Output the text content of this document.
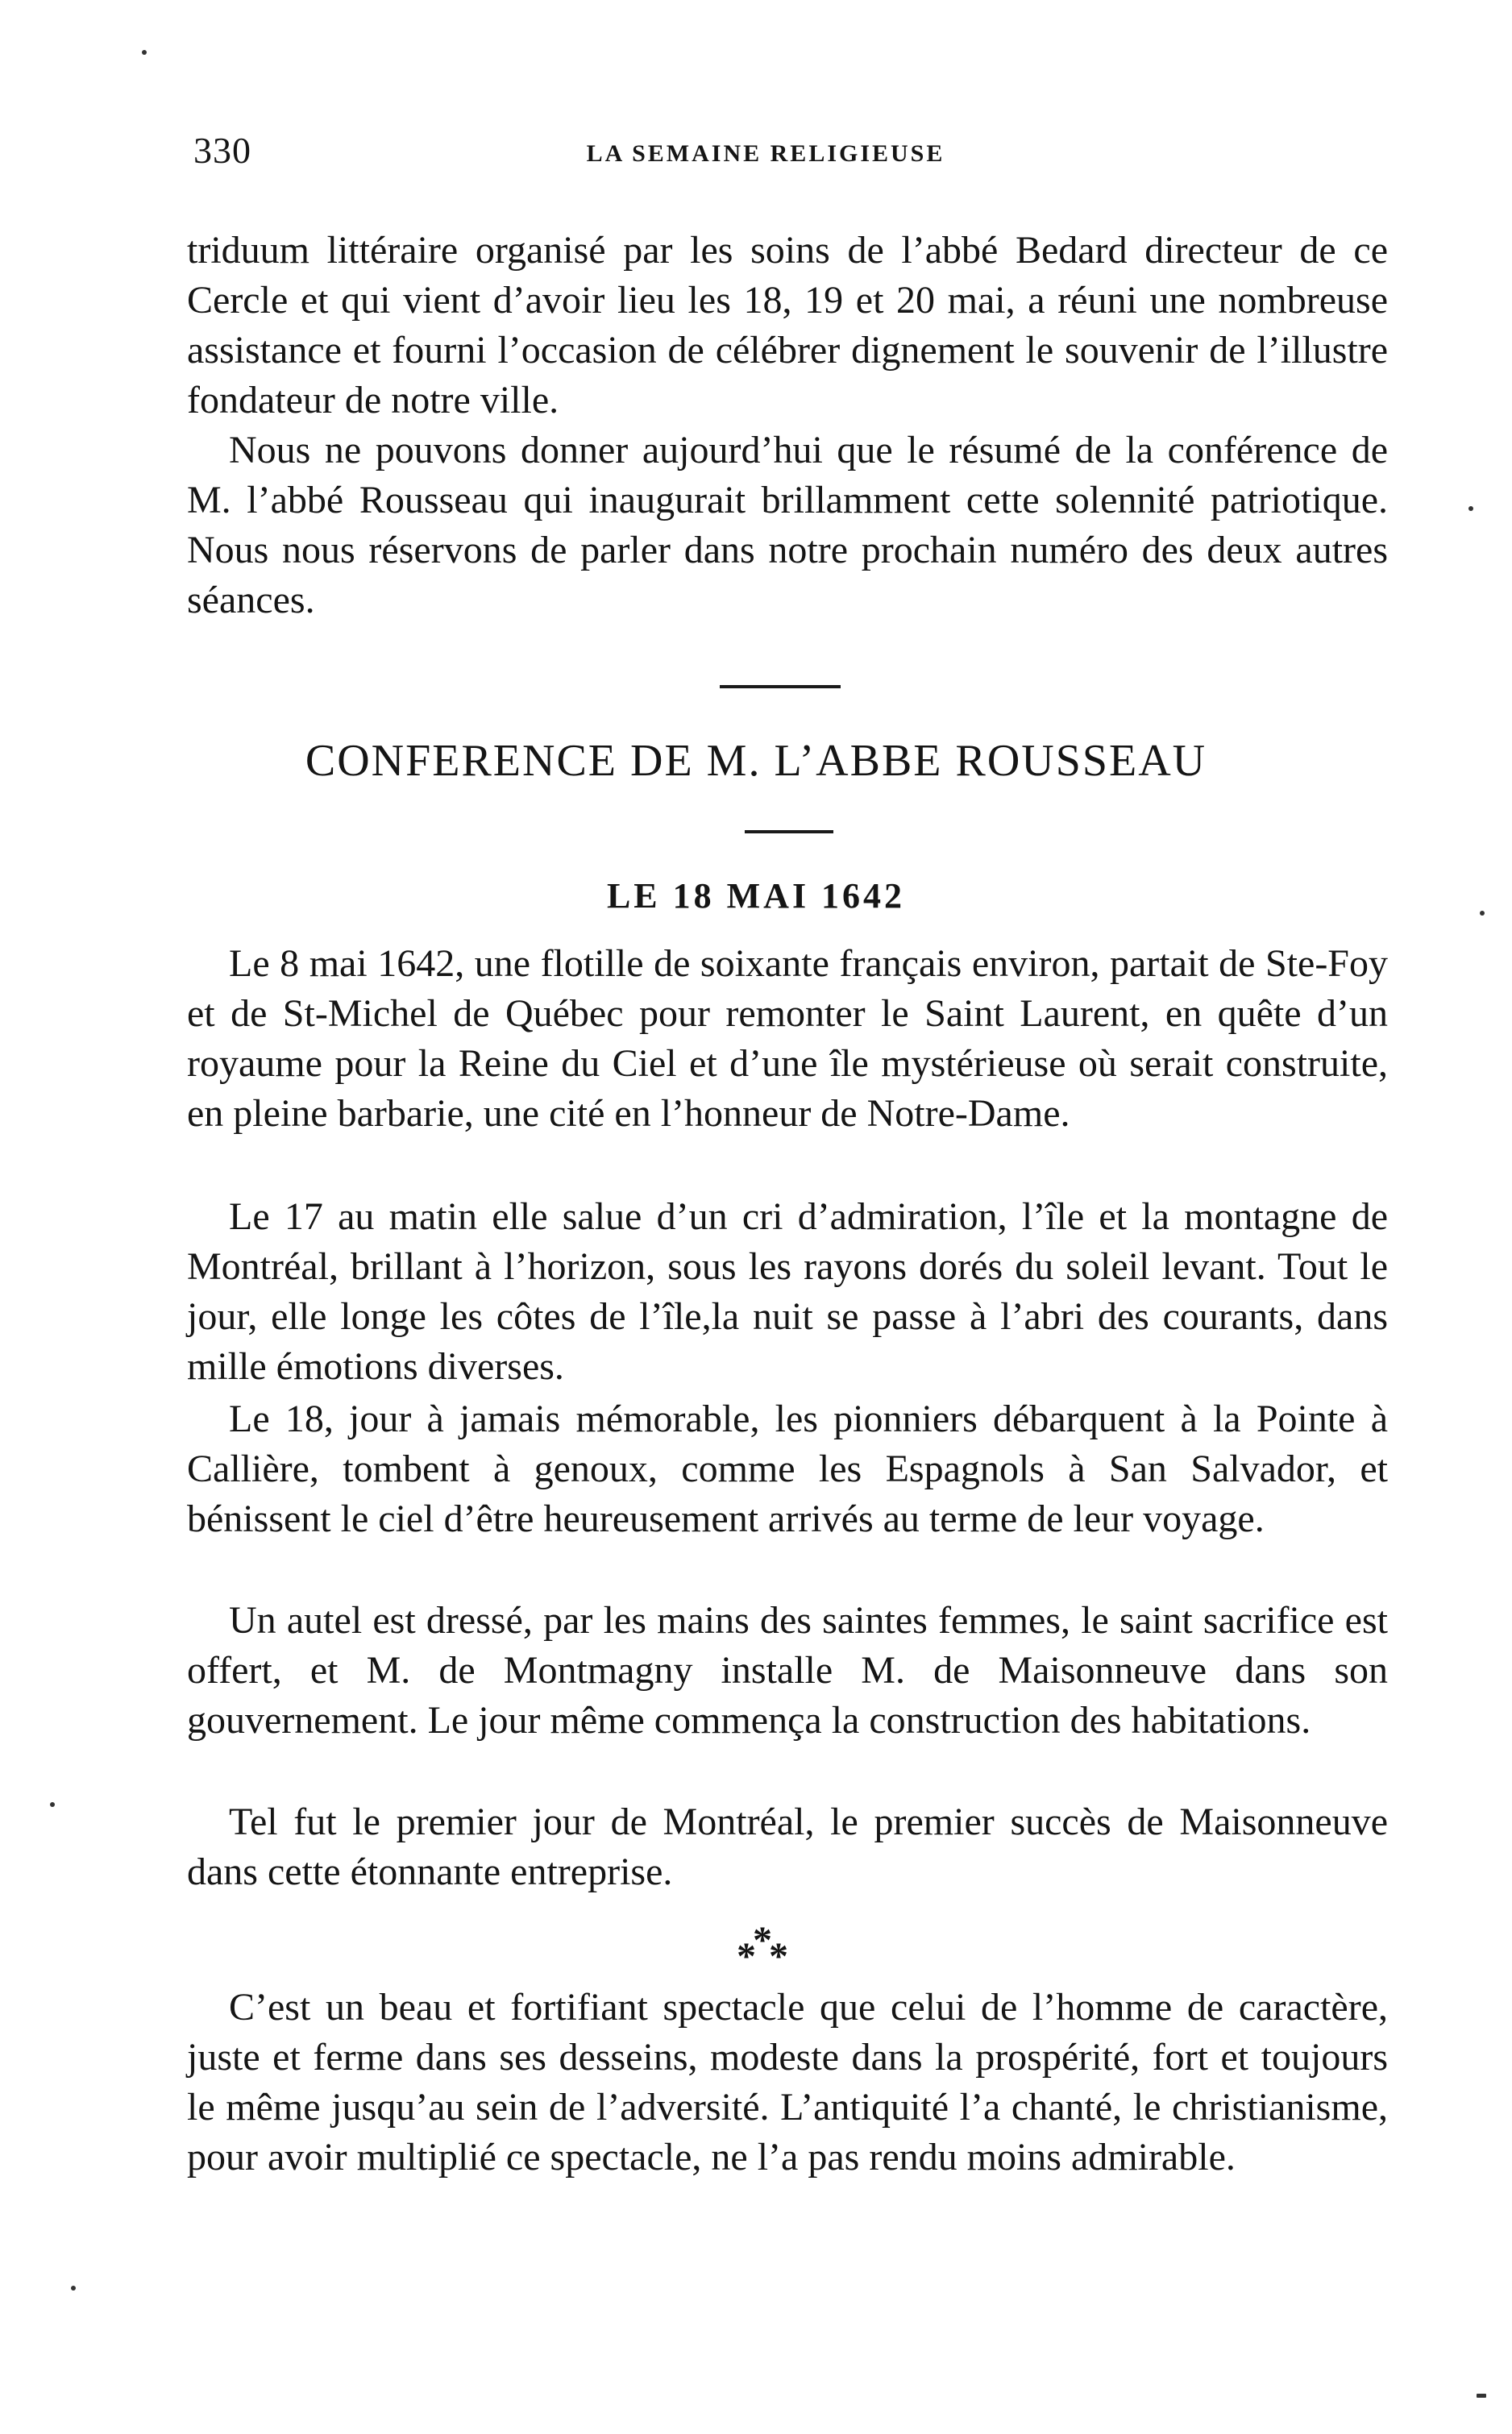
330	LA SEMAINE RELIGIEUSE

triduum littéraire organisé par les soins de l’abbé Bedard directeur de ce Cercle et qui vient d’avoir lieu les 18, 19 et 20 mai, a réuni une nombreuse assistance et fourni l’occasion de célébrer dignement le souvenir de l’illustre fondateur de notre ville.

Nous ne pouvons donner aujourd’hui que le résumé de la conférence de M. l’abbé Rousseau qui inaugurait brillamment cette solennité patriotique. Nous nous réservons de parler dans notre prochain numéro des deux autres séances.

CONFERENCE DE M. L’ABBE ROUSSEAU
LE 18 MAI 1642

Le 8 mai 1642, une flotille de soixante français environ, partait de Ste-Foy et de St-Michel de Québec pour remonter le Saint Laurent, en quête d’un royaume pour la Reine du Ciel et d’une île mystérieuse où serait construite, en pleine barbarie, une cité en l’honneur de Notre-Dame.

Le 17 au matin elle salue d’un cri d’admiration, l’île et la montagne de Montréal, brillant à l’horizon, sous les rayons dorés du soleil levant. Tout le jour, elle longe les côtes de l’île,la nuit se passe à l’abri des courants, dans mille émotions diverses.

Le 18, jour à jamais mémorable, les pionniers débarquent à la Pointe à Callière, tombent à genoux, comme les Espagnols à San Salvador, et bénissent le ciel d’être heureusement arrivés au terme de leur voyage.

Un autel est dressé, par les mains des saintes femmes, le saint sacrifice est offert, et M. de Montmagny installe M. de Maisonneuve dans son gouvernement. Le jour même commença la construction des habitations.

Tel fut le premier jour de Montréal, le premier succès de Maisonneuve dans cette étonnante entreprise.

*
* *

C’est un beau et fortifiant spectacle que celui de l’homme de caractère, juste et ferme dans ses desseins, modeste dans la prospérité, fort et toujours le même jusqu’au sein de l’adversité. L’antiquité l’a chanté, le christianisme, pour avoir multiplié ce spectacle, ne l’a pas rendu moins admirable.
